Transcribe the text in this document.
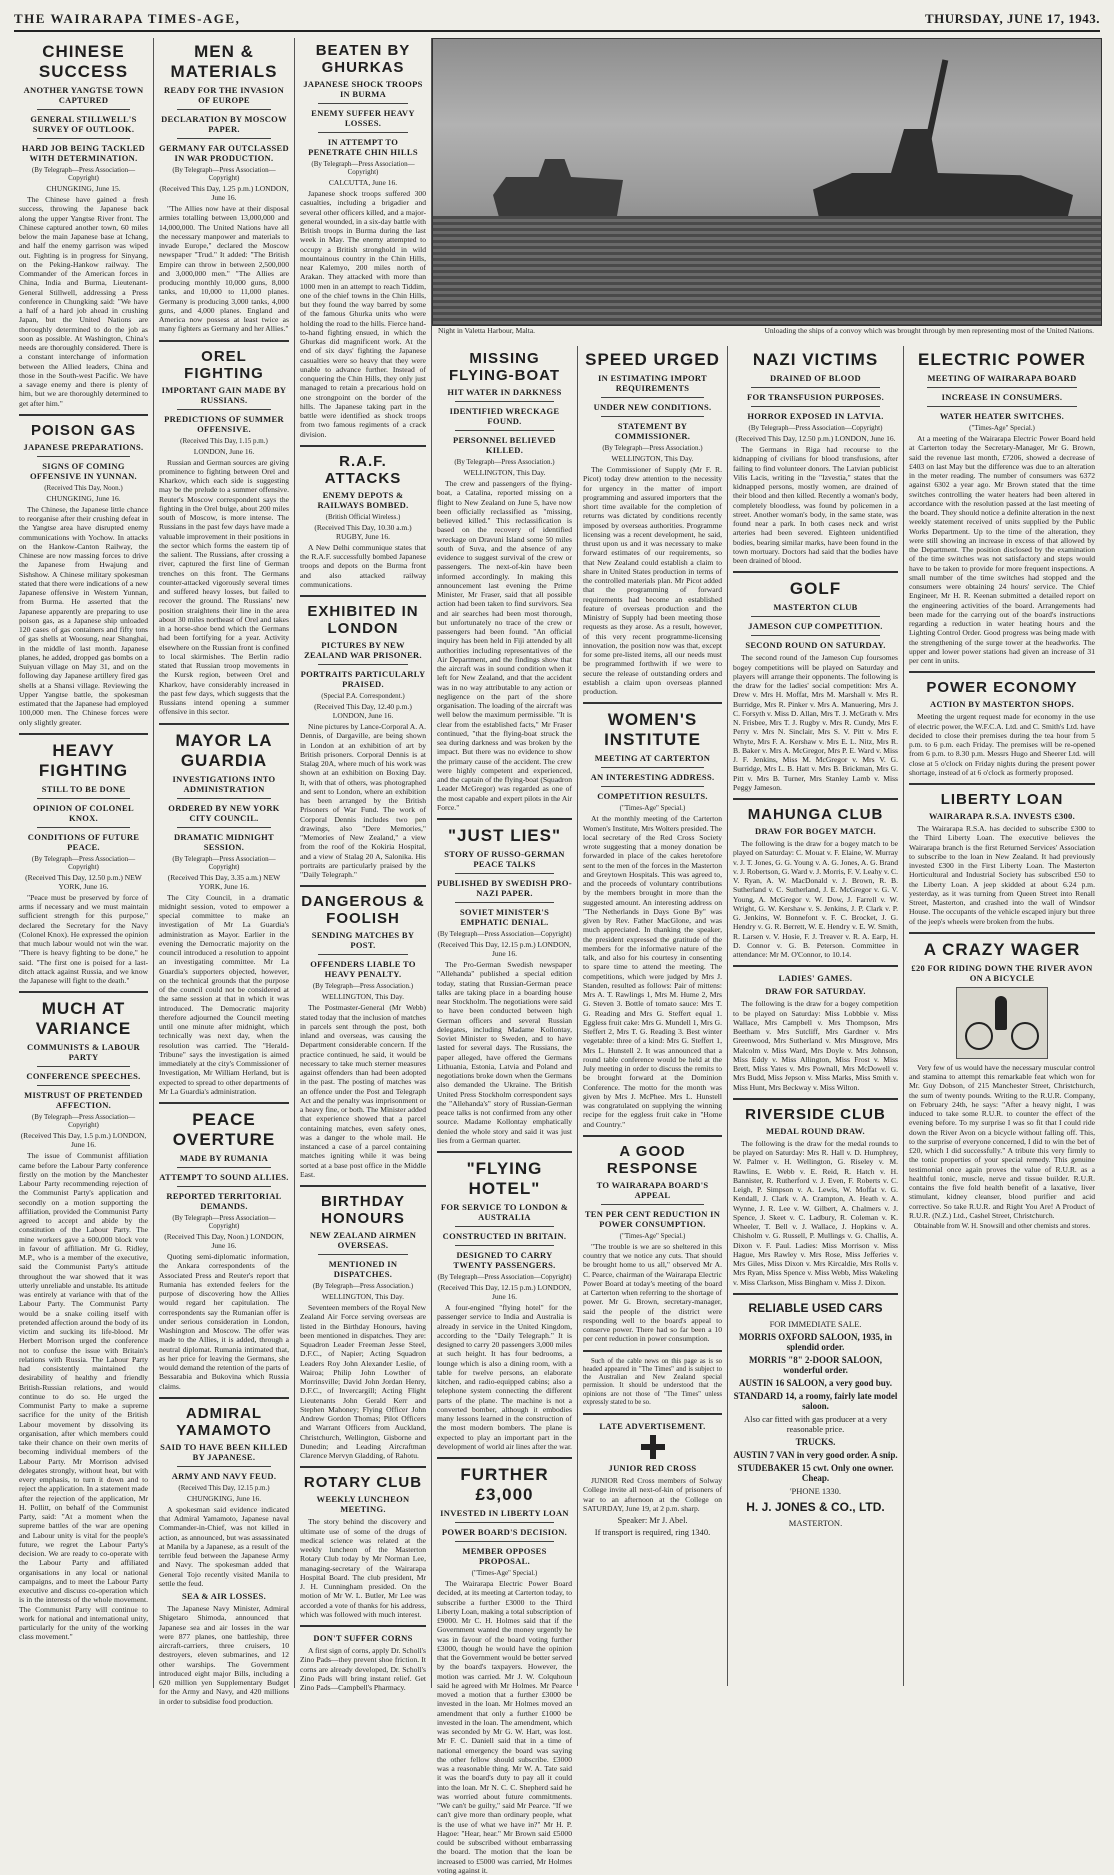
THE WAIRARAPA TIMES-AGE,	THURSDAY, JUNE 17, 1943.
CHINESE SUCCESS
ANOTHER YANGTSE TOWN CAPTURED
GENERAL STILLWELL'S SURVEY OF OUTLOOK.
HARD JOB BEING TACKLED WITH DETERMINATION.
(By Telegraph—Press Association—Copyright)
CHUNGKING, June 15.

The Chinese have gained a fresh success, throwing the Japanese back along the upper Yangtse River front. The Chinese captured another town, 60 miles below the main Japanese base at Ichang, and half the enemy garrison was wiped out. Fighting is in progress for Sinyang, on the Peking-Hankow railway. The Commander of the American forces in China, India and Burma, Lieutenant-General Stillwell, addressing a Press conference in Chungking said: "We have a half of a hard job ahead in crushing Japan, but the United Nations are thoroughly determined to do the job as soon as possible. At Washington, China's needs are thoroughly considered. There is a constant interchange of information between the Allied leaders, China and those in the South-west Pacific. We have a savage enemy and there is plenty of him, but we are thoroughly determined to get after him."

POISON GAS
JAPANESE PREPARATIONS.
SIGNS OF COMING OFFENSIVE IN YUNNAN.
(Received This Day, Noon.)
CHUNGKING, June 16.

The Chinese, the Japanese little chance to reorganise after their crushing defeat in the Yangtse area have disrupted enemy communications with Yochow. In attacks on the Hankow-Canton Railway, the Chinese are now massing forces to drive the Japanese from Hwajung and Sishshow. A Chinese military spokesman stated that there were indications of a new Japanese offensive in Western Yunnan, from Burma. He asserted that the Japanese apparently are preparing to use poison gas, as a Japanese ship unloaded 120 cases of gas containers and fifty tons of gas shells at Woosung, near Shanghai, in the middle of last month. Japanese planes, he added, dropped gas bombs on a Suiyuan village on May 31, and on the following day Japanese artillery fired gas shells at a Shansi village. Reviewing the Upper Yangtse battle, the spokesman estimated that the Japanese had employed 100,000 men. The Chinese forces were only slightly greater.

HEAVY FIGHTING
STILL TO BE DONE
OPINION OF COLONEL KNOX.
CONDITIONS OF FUTURE PEACE.
(By Telegraph—Press Association—Copyright)
(Received This Day, 12.50 p.m.) NEW YORK, June 16.

"Peace must be preserved by force of arms if necessary and we must maintain sufficient strength for this purpose," declared the Secretary for the Navy (Colonel Knox). He expressed the opinion that much labour would not win the war. "There is heavy fighting to be done," he said. "The first one is poised for a last-ditch attack against Russia, and we know the Japanese will fight to the death."

MUCH AT VARIANCE
COMMUNISTS & LABOUR PARTY
CONFERENCE SPEECHES.
MISTRUST OF PRETENDED AFFECTION.
(By Telegraph—Press Association—Copyright)
(Received This Day, 1.5 p.m.) LONDON, June 16.

The issue of Communist affiliation came before the Labour Party conference firstly on the motion by the Manchester Labour Party recommending rejection of the Communist Party's application and secondly on a motion supporting the affiliation, provided the Communist Party agreed to accept and abide by the constitution of the Labour Party. The mine workers gave a 600,000 block vote in favour of affiliation. Mr G. Ridley, M.P., who is a member of the executive, said the Communist Party's attitude throughout the war showed that it was utterly unreliable and unstable. Its attitude was entirely at variance with that of the Labour Party. The Communist Party would be a snake coiling itself with pretended affection around the body of its victim and sucking its life-blood. Mr Herbert Morrison urged the conference not to confuse the issue with Britain's relations with Russia. The Labour Party had consistently maintained the desirability of healthy and friendly British-Russian relations, and would continue to do so. He urged the Communist Party to make a supreme sacrifice for the unity of the British Labour movement by dissolving its organisation, after which members could take their chance on their own merits of becoming individual members of the Labour Party. Mr Morrison advised delegates strongly, without heat, but with every emphasis, to turn it down and to reject the application. In a statement made after the rejection of the application, Mr H. Pollitt, on behalf of the Communist Party, said: "At a moment when the supreme battles of the war are opening and Labour unity is vital for the people's future, we regret the Labour Party's decision. We are ready to co-operate with the Labour Party and affiliated organisations in any local or national campaigns, and to meet the Labour Party executive and discuss co-operation which is in the interests of the whole movement. The Communist Party will continue to work for national and international unity, particularly for the unity of the working class movement."

MEN & MATERIALS
READY FOR THE INVASION OF EUROPE
DECLARATION BY MOSCOW PAPER.
GERMANY FAR OUTCLASSED IN WAR PRODUCTION.
(By Telegraph—Press Association—Copyright)
(Received This Day, 1.25 p.m.) LONDON, June 16.

"The Allies now have at their disposal armies totalling between 13,000,000 and 14,000,000. The United Nations have all the necessary manpower and materials to invade Europe," declared the Moscow newspaper "Trud." It added: "The British Empire can throw in between 2,500,000 and 3,000,000 men." "The Allies are producing monthly 10,000 guns, 8,000 tanks, and 10,000 to 11,000 planes. Germany is producing 3,000 tanks, 4,000 guns, and 4,000 planes. England and America now possess at least twice as many fighters as Germany and her Allies."

OREL FIGHTING
IMPORTANT GAIN MADE BY RUSSIANS.
PREDICTIONS OF SUMMER OFFENSIVE.
(Received This Day, 1.15 p.m.)
LONDON, June 16.

Russian and German sources are giving prominence to fighting between Orel and Kharkov, which each side is suggesting may be the prelude to a summer offensive. Reuter's Moscow correspondent says the fighting in the Orel bulge, about 200 miles south of Moscow, is more intense. The Russians in the past few days have made a valuable improvement in their positions in the sector which forms the eastern tip of the salient. The Russians, after crossing a river, captured the first line of German trenches on this front. The Germans counter-attacked vigorously several times and suffered heavy losses, but failed to recover the ground. The Russians' new position straightens their line in the area about 30 miles northeast of Orel and takes in a horse-shoe bend which the Germans had been fortifying for a year. Activity elsewhere on the Russian front is confined to local skirmishes. The Berlin radio stated that Russian troop movements in the Kursk region, between Orel and Kharkov, have considerably increased in the past few days, which suggests that the Russians intend opening a summer offensive in this sector.

MAYOR LA GUARDIA
INVESTIGATIONS INTO ADMINISTRATION
ORDERED BY NEW YORK CITY COUNCIL.
DRAMATIC MIDNIGHT SESSION.
(By Telegraph—Press Association—Copyright)
(Received This Day, 3.35 a.m.) NEW YORK, June 16.

The City Council, in a dramatic midnight session, voted to empower a special committee to make an investigation of Mr La Guardia's administration as Mayor. Earlier in the evening the Democratic majority on the council introduced a resolution to appoint an investigating committee. Mr La Guardia's supporters objected, however, on the technical grounds that the purpose of the council could not be considered at the same session at that in which it was introduced. The Democratic majority therefore adjourned the Council meeting until one minute after midnight, which technically was next day, when the resolution was carried. The "Herald-Tribune" says the investigation is aimed immediately at the city's Commissioner of Investigation, Mr William Herland, but is expected to spread to other departments of Mr La Guardia's administration.

PEACE OVERTURE
MADE BY RUMANIA
ATTEMPT TO SOUND ALLIES.
REPORTED TERRITORIAL DEMANDS.
(By Telegraph—Press Association—Copyright)
(Received This Day, Noon.) LONDON, June 16.

Quoting semi-diplomatic information, the Ankara correspondents of the Associated Press and Reuter's report that Rumania has extended feelers for the purpose of discovering how the Allies would regard her capitulation. The correspondents say the Rumanian offer is under serious consideration in London, Washington and Moscow. The offer was made to the Allies, it is added, through a neutral diplomat. Rumania intimated that, as her price for leaving the Germans, she would demand the retention of the parts of Bessarabia and Bukovina which Russia claims.

ADMIRAL YAMAMOTO
SAID TO HAVE BEEN KILLED BY JAPANESE.
ARMY AND NAVY FEUD.
(Received This Day, 12.15 p.m.)
CHUNGKING, June 16.

A spokesman said evidence indicated that Admiral Yamamoto, Japanese naval Commander-in-Chief, was not killed in action, as announced, but was assassinated at Manila by a Japanese, as a result of the terrible feud between the Japanese Army and Navy. The spokesman added that General Tojo recently visited Manila to settle the feud.

SEA & AIR LOSSES.

The Japanese Navy Minister, Admiral Shigetaro Shimoda, announced that Japanese sea and air losses in the war were 877 planes, one battleship, three aircraft-carriers, three cruisers, 10 destroyers, eleven submarines, and 12 other warships. The Government introduced eight major Bills, including a 620 million yen Supplementary Budget for the Army and Navy, and 420 millions in order to subsidise food production.

BEATEN BY GHURKAS
JAPANESE SHOCK TROOPS IN BURMA
ENEMY SUFFER HEAVY LOSSES.
IN ATTEMPT TO PENETRATE CHIN HILLS
(By Telegraph—Press Association—Copyright)
CALCUTTA, June 16.

Japanese shock troops suffered 300 casualties, including a brigadier and several other officers killed, and a major-general wounded, in a six-day battle with British troops in Burma during the last week in May. The enemy attempted to occupy a British stronghold in wild mountainous country in the Chin Hills, near Kalemyo, 200 miles north of Arakan. They attacked with more than 1000 men in an attempt to reach Tiddim, one of the chief towns in the Chin Hills, but they found the way barred by some of the famous Ghurka units who were holding the road to the hills. Fierce hand-to-hand fighting ensued, in which the Ghurkas did magnificent work. At the end of six days' fighting the Japanese casualties were so heavy that they were unable to advance further. Instead of conquering the Chin Hills, they only just managed to retain a precarious hold on one strongpoint on the border of the hills. The Japanese taking part in the battle were identified as shock troops from two famous regiments of a crack division.

R.A.F. ATTACKS
ENEMY DEPOTS & RAILWAYS BOMBED.
(British Official Wireless.)
(Received This Day, 10.30 a.m.) RUGBY, June 16.

A New Delhi communique states that the R.A.F. successfully bombed Japanese troops and depots on the Burma front and also attacked railway communications.

EXHIBITED IN LONDON
PICTURES BY NEW ZEALAND WAR PRISONER.
PORTRAITS PARTICULARLY PRAISED.
(Special P.A. Correspondent.)
(Received This Day, 12.40 p.m.) LONDON, June 16.

Nine pictures by Lance-Corporal A. A. Dennis, of Dargaville, are being shown in London at an exhibition of art by British prisoners. Corporal Dennis is at Stalag 20A, where much of his work was shown at an exhibition on Boxing Day. It, with that of others, was photographed and sent to London, where an exhibition has been arranged by the British Prisoners of War Fund. The work of Corporal Dennis includes two pen drawings, also "Dere Memories," "Memories of New Zealand," a view from the roof of the Kokiria Hospital, and a view of Stalag 20 A, Salonika. His portraits are particularly praised by the "Daily Telegraph."

DANGEROUS & FOOLISH
SENDING MATCHES BY POST.
OFFENDERS LIABLE TO HEAVY PENALTY.
(By Telegraph—Press Association.)
WELLINGTON, This Day.

The Postmaster-General (Mr Webb) stated today that the inclusion of matches in parcels sent through the post, both inland and overseas, was causing the Department considerable concern. If the practice continued, he said, it would be necessary to take much sterner measures against offenders than had been adopted in the past. The posting of matches was an offence under the Post and Telegraph Act and the penalty was imprisonment or a heavy fine, or both. The Minister added that experience showed that a parcel containing matches, even safety ones, was a danger to the whole mail. He instanced a case of a parcel containing matches igniting while it was being sorted at a base post office in the Middle East.

BIRTHDAY HONOURS
NEW ZEALAND AIRMEN OVERSEAS.
MENTIONED IN DISPATCHES.
(By Telegraph—Press Association.)
WELLINGTON, This Day.

Seventeen members of the Royal New Zealand Air Force serving overseas are listed in the Birthday Honours, having been mentioned in dispatches. They are: Squadron Leader Freeman Jesse Steel, D.F.C., of Napier; Acting Squadron Leaders Roy John Alexander Leslie, of Wairoa; Philip John Lowther of Morrinsville; David John Jordan Henry, D.F.C., of Invercargill; Acting Flight Lieutenants John Gerald Kerr and Stephen Mahoney; Flying Officer John Andrew Gordon Thomas; Pilot Officers and Warrant Officers from Auckland, Christchurch, Wellington, Gisborne and Dunedin; and Leading Aircraftman Clarence Mervyn Gladding, of Rahotu.

ROTARY CLUB
WEEKLY LUNCHEON MEETING.

The story behind the discovery and ultimate use of some of the drugs of medical science was related at the weekly luncheon of the Masterton Rotary Club today by Mr Norman Lee, managing-secretary of the Wairarapa Hospital Board. The club president, Mr J. H. Cunningham presided. On the motion of Mr W. L. Butler, Mr Lee was accorded a vote of thanks for his address, which was followed with much interest.

DON'T SUFFER CORNS

A first sign of corns, apply Dr. Scholl's Zino Pads—they prevent shoe friction. It corns are already developed, Dr. Scholl's Zino Pads will bring instant relief. Get Zino Pads—Campbell's Pharmacy.

Night in Valetta Harbour, Malta.	Unloading the ships of a convoy which was brought through by men representing most of the United Nations.
MISSING FLYING-BOAT
HIT WATER IN DARKNESS
IDENTIFIED WRECKAGE FOUND.
PERSONNEL BELIEVED KILLED.
(By Telegraph—Press Association.)
WELLINGTON, This Day.

The crew and passengers of the flying-boat, a Catalina, reported missing on a flight to New Zealand on June 5, have now been officially reclassified as "missing, believed killed." This reclassification is based on the recovery of identified wreckage on Dravuni Island some 50 miles south of Suva, and the absence of any evidence to suggest survival of the crew or passengers. The next-of-kin have been informed accordingly. In making this announcement last evening the Prime Minister, Mr Fraser, said that all possible action had been taken to find survivors. Sea and air searches had been most thorough, but unfortunately no trace of the crew or passengers had been found. "An official inquiry has been held in Fiji attended by all authorities including representatives of the Air Department, and the findings show that the aircraft was in sound condition when it left for New Zealand, and that the accident was in no way attributable to any action or negligence on the part of the shore organisation. The loading of the aircraft was well below the maximum permissible. "It is clear from the established facts," Mr Fraser continued, "that the flying-boat struck the sea during darkness and was broken by the impact. But there was no evidence to show the primary cause of the accident. The crew were highly competent and experienced, and the captain of the flying-boat (Squadron Leader McGregor) was regarded as one of the most capable and expert pilots in the Air Force."

"JUST LIES"
STORY OF RUSSO-GERMAN PEACE TALKS
PUBLISHED BY SWEDISH PRO-NAZI PAPER.
SOVIET MINISTER'S EMPHATIC DENIAL.
(By Telegraph—Press Association—Copyright)
(Received This Day, 12.15 p.m.) LONDON, June 16.

The Pro-German Swedish newspaper "Allehanda" published a special edition today, stating that Russian-German peace talks are taking place in a boarding house near Stockholm. The negotiations were said to have been conducted between high German officers and several Russian delegates, including Madame Kollontay, Soviet Minister to Sweden, and to have lasted for several days. The Russians, the paper alleged, have offered the Germans Lithuania, Estonia, Latvia and Poland and negotiations broke down when the Germans also demanded the Ukraine. The British United Press Stockholm correspondent says the "Allehanda's" story of Russian-German peace talks is not confirmed from any other source. Madame Kollontay emphatically denied the whole story and said it was just lies from a German quarter.

"FLYING HOTEL"
FOR SERVICE TO LONDON & AUSTRALIA
CONSTRUCTED IN BRITAIN.
DESIGNED TO CARRY TWENTY PASSENGERS.
(By Telegraph—Press Association—Copyright)
(Received This Day, 12.15 p.m.) LONDON, June 16.

A four-engined "flying hotel" for the passenger service to India and Australia is already in service in the United Kingdom, according to the "Daily Telegraph." It is designed to carry 20 passengers 3,000 miles at such height. It has four bedrooms, a lounge which is also a dining room, with a table for twelve persons, an elaborate kitchen, and radio-equipped cabins; also a telephone system connecting the different parts of the plane. The machine is not a converted bomber, although it embodies many lessons learned in the construction of the most modern bombers. The plane is expected to play an important part in the development of world air lines after the war.

FURTHER £3,000
INVESTED IN LIBERTY LOAN
POWER BOARD'S DECISION.
MEMBER OPPOSES PROPOSAL.
("Times-Age" Special.)

The Wairarapa Electric Power Board decided, at its meeting at Carterton today, to subscribe a further £3000 to the Third Liberty Loan, making a total subscription of £9000. Mr C. H. Holmes said that if the Government wanted the money urgently he was in favour of the board voting further £3000, though he would have the opinion that the Government would be better served by the board's taxpayers. However, the motion was carried. Mr J. W. Colquhoun said he agreed with Mr Holmes. Mr Pearce moved a motion that a further £3000 be invested in the loan. Mr Holmes moved an amendment that only a further £1000 be invested in the loan. The amendment, which was seconded by Mr G. W. Hart, was lost. Mr F. C. Daniell said that in a time of national emergency the board was saying the other fellow should subscribe. £3000 was a reasonable thing. Mr W. A. Tate said it was the board's duty to pay all it could into the loan. Mr N. C. C. Shepherd said he was worried about future commitments. "We can't be guilty," said Mr Pearce. "If we can't give more than ordinary people, what is the use of what we have in?" Mr H. P. Hagoe: "Hear, hear." Mr Brown said £5000 could be subscribed without embarrassing the board. The motion that the loan be increased to £5000 was carried, Mr Holmes voting against it.

SPEED URGED
IN ESTIMATING IMPORT REQUIREMENTS
UNDER NEW CONDITIONS.
STATEMENT BY COMMISSIONER.
(By Telegraph—Press Association.)
WELLINGTON, This Day.

The Commissioner of Supply (Mr F. R. Picot) today drew attention to the necessity for urgency in the matter of import programming and assured importers that the short time available for the completion of returns was dictated by conditions recently imposed by overseas authorities. Programme licensing was a recent development, he said, thrust upon us and it was necessary to make forward estimates of our requirements, so that New Zealand could establish a claim to share in United States production in terms of the controlled materials plan. Mr Picot added that the programming of forward requirements had become an established feature of overseas production and the Ministry of Supply had been meeting those requests as they arose. As a result, however, of this very recent programme-licensing innovation, the position now was that, except for some pre-listed items, all our needs must be programmed forthwith if we were to secure the release of outstanding orders and establish a claim upon overseas planned production.

WOMEN'S INSTITUTE
MEETING AT CARTERTON
AN INTERESTING ADDRESS.
COMPETITION RESULTS.
("Times-Age" Special.)

At the monthly meeting of the Carterton Women's Institute, Mrs Wolters presided. The local secretary of the Red Cross Society wrote suggesting that a money donation be forwarded in place of the cakes heretofore sent to the men of the forces in the Masterton and Greytown Hospitals. This was agreed to, and the proceeds of voluntary contributions by the members brought in more than the suggested amount. An interesting address on "The Netherlands in Days Gone By" was given by Rev. Father MacGlone, and was much appreciated. In thanking the speaker, the president expressed the gratitude of the members for the informative nature of the talk, and also for his courtesy in consenting to spare time to attend the meeting. The competitions, which were judged by Mrs J. Standen, resulted as follows: Pair of mittens: Mrs A. T. Rawlings 1, Mrs M. Hume 2, Mrs G. Steven 3. Bottle of tomato sauce: Mrs T. G. Reading and Mrs G. Steffert equal 1. Eggless fruit cake: Mrs G. Mundell 1, Mrs G. Steffert 2, Mrs T. G. Reading 3. Best winter vegetable: three of a kind: Mrs G. Steffert 1, Mrs L. Hunstell 2. It was announced that a round table conference would be held at the July meeting in order to discuss the remits to be brought forward at the Dominion Conference. The motto for the month was given by Mrs J. McPhee. Mrs L. Hunstell was congratulated on supplying the winning recipe for the eggless fruit cake in "Home and Country."

A GOOD RESPONSE
TO WAIRARAPA BOARD'S APPEAL
TEN PER CENT REDUCTION IN POWER CONSUMPTION.
("Times-Age" Special.)

"The trouble is we are so sheltered in this country that we notice any cuts. That should be brought home to us all," observed Mr A. C. Pearce, chairman of the Wairarapa Electric Power Board at today's meeting of the board at Carterton when referring to the shortage of power. Mr G. Brown, secretary-manager, said the people of the district were responding well to the board's appeal to conserve power. There had so far been a 10 per cent reduction in power consumption.

Such of the cable news on this page as is so headed appeared in "The Times" and is subject to the Australian and New Zealand special permission. It should be understood that the opinions are not those of "The Times" unless expressly stated to be so.

LATE ADVERTISEMENT.
JUNIOR RED CROSS

JUNIOR Red Cross members of Solway College invite all next-of-kin of prisoners of war to an afternoon at the College on SATURDAY, June 19, at 2 p.m. sharp.

Speaker: Mr J. Abel.
If transport is required, ring 1340.
NAZI VICTIMS
DRAINED OF BLOOD
FOR TRANSFUSION PURPOSES.
HORROR EXPOSED IN LATVIA.
(By Telegraph—Press Association—Copyright)
(Received This Day, 12.50 p.m.) LONDON, June 16.

The Germans in Riga had recourse to the kidnapping of civilians for blood transfusions, after failing to find volunteer donors. The Latvian publicist Vilis Lacis, writing in the "Izvestia," states that the kidnapped persons, mostly women, are drained of their blood and then killed. Recently a woman's body, completely bloodless, was found by policemen in a street. Another woman's body, in the same state, was found near a park. In both cases neck and wrist arteries had been severed. Eighteen unidentified bodies, bearing similar marks, have been found in the town mortuary. Doctors had said that the bodies have been drained of blood.

GOLF
MASTERTON CLUB
JAMESON CUP COMPETITION.
SECOND ROUND ON SATURDAY.

The second round of the Jameson Cup foursomes bogey competitions will be played on Saturday and players will arrange their opponents. The following is the draw for the ladies' social competition: Mrs A. Drew v. Mrs H. Moffat, Mrs M. Marshall v. Mrs R. Burridge, Mrs R. Pinker v. Mrs A. Manuering, Mrs J. C. Forsyth v. Miss D. Allan, Mrs T. J. McGrath v. Mrs N. Frisbee, Mrs T. J. Rugby v. Mrs R. Cundy, Mrs F. Perry v. Mrs N. Sinclair, Mrs S. V. Pitt v. Mrs F. Whyte, Mrs F. A. Kershaw v. Mrs E. L. Nitz, Mrs R. B. Baker v. Mrs A. McGregor, Mrs P. E. Ward v. Miss J. F. Jenkins, Miss M. McGregor v. Mrs V. G. Burridge, Mrs L. B. Hatt v. Mrs B. Brickman, Mrs G. Pitt v. Mrs B. Turner, Mrs Stanley Lamb v. Miss Peggy Jameson.

MAHUNGA CLUB
DRAW FOR BOGEY MATCH.

The following is the draw for a bogey match to be played on Saturday: C. Mouat v. F. Elaine, W. Murray v. J. T. Jones, G. G. Young v. A. G. Jones, A. G. Brand v. J. Robertson, G. Ward v. J. Morris, F. V. Leahy v. C. V. Ryan, A. W. MacDonald v. J. Brown, R. B. Sutherland v. C. Sutherland, J. E. McGregor v. G. V. Young, A. McGregor v. W. Dow, J. Farrell v. W. Wright, G. W. Kershaw v. S. Jenkins, J. P. Clark v. P. G. Jenkins, W. Bonnefont v. F. C. Brocket, J. G. Hendry v. G. R. Berrett, W. E. Hendry v. E. W. Smith, R. Larsen v. V. Hosie, F. J. Treaver v. R. A. Earp, H. D. Connor v. G. B. Peterson. Committee in attendance: Mr M. O'Connor, to 10.14.

LADIES' GAMES.
DRAW FOR SATURDAY.

The following is the draw for a bogey competition to be played on Saturday: Miss Lobbbie v. Miss Wallace, Mrs Campbell v. Mrs Thompson, Mrs Beetham v. Mrs Sutcliff, Mrs Gardner v. Mrs Greenwood, Mrs Sutherland v. Mrs Musgrove, Mrs Malcolm v. Miss Ward, Mrs Doyle v. Mrs Johnson, Miss Eddy v. Miss Allington, Miss Frost v. Miss Brett, Miss Yates v. Mrs Pownall, Mrs McDowell v. Mrs Budd, Miss Jepson v. Miss Marks, Miss Smith v. Miss Hunt, Mrs Beckway v. Miss Wilton.

RIVERSIDE CLUB
MEDAL ROUND DRAW.

The following is the draw for the medal rounds to be played on Saturday: Mrs R. Hall v. D. Humphrey, W. Palmer v. H. Wellington, G. Riseley v. M. Rawlins, E. Webb v. E. Reid, R. Hatch v. H. Bannister, R. Rutherford v. J. Even, F. Roberts v. C. Leigh, P. Simpson v. A. Lewis, W. Moffat v. G. Kendall, J. Clark v. A. Crampton, A. Heath v. A. Wynne, J. R. Lee v. W. Gilbert, A. Chalmers v. J. Spence, J. Skeet v. C. Ladbury, R. Coleman v. K. Wheeler, T. Bell v. J. Wallace, J. Hopkins v. A. Chisholm v. G. Russell, P. Mullings v. G. Challis, A. Dixon v. F. Paul. Ladies: Miss Morrison v. Miss Hague, Mrs Rawley v. Mrs Rose, Miss Jefferies v. Mrs Giles, Miss Dixon v. Mrs Kircaldie, Mrs Rolls v. Mrs Ryan, Miss Spence v. Miss Webb, Miss Wakeling v. Miss Clarkson, Miss Bingham v. Miss J. Dixon.

RELIABLE USED CARS
FOR IMMEDIATE SALE.
MORRIS OXFORD SALOON, 1935, in splendid order.
MORRIS "8" 2-DOOR SALOON, wonderful order.
AUSTIN 16 SALOON, a very good buy.
STANDARD 14, a roomy, fairly late model saloon.
Also car fitted with gas producer at a very reasonable price.
TRUCKS.
AUSTIN 7 VAN in very good order. A snip.
STUDEBAKER 15 cwt. Only one owner. Cheap.
'PHONE 1330.
H. J. JONES & CO., LTD.
MASTERTON.
ELECTRIC POWER
MEETING OF WAIRARAPA BOARD
INCREASE IN CONSUMERS.
WATER HEATER SWITCHES.
("Times-Age" Special.)

At a meeting of the Wairarapa Electric Power Board held at Carterton today the Secretary-Manager, Mr G. Brown, said the revenue last month, £7206, showed a decrease of £403 on last May but the difference was due to an alteration in the meter reading. The number of consumers was 6372 against 6302 a year ago. Mr Brown stated that the time switches controlling the water heaters had been altered in accordance with the resolution passed at the last meeting of the board. They should notice a definite alteration in the next weekly statement received of units supplied by the Public Works Department. Up to the time of the alteration, they were still showing an increase in excess of that allowed by the Department. The position disclosed by the examination of the time switches was not satisfactory and steps would have to be taken to provide for more frequent inspections. A small number of the time switches had stopped and the consumers were obtaining 24 hours' service. The Chief Engineer, Mr H. R. Keenan submitted a detailed report on the engineering activities of the board. Arrangements had been made for the carrying out of the board's instructions regarding a reduction in water heating hours and the Lighting Control Order. Good progress was being made with the strengthening of the surge tower at the headworks. The upper and lower power stations had given an increase of 31 per cent in units.

POWER ECONOMY
ACTION BY MASTERTON SHOPS.

Meeting the urgent request made for economy in the use of electric power, the W.F.C.A. Ltd. and C. Smith's Ltd. have decided to close their premises during the tea hour from 5 p.m. to 6 p.m. each Friday. The premises will be re-opened from 6 p.m. to 8.30 p.m. Messrs Hugo and Sheerer Ltd. will close at 5 o'clock on Friday nights during the present power shortage, instead of at 6 o'clock as formerly proposed.

LIBERTY LOAN
WAIRARAPA R.S.A. INVESTS £300.

The Wairarapa R.S.A. has decided to subscribe £300 to the Third Liberty Loan. The executive believes the Wairarapa branch is the first Returned Services' Association to subscribe to the loan in New Zealand. It had previously invested £300 in the First Liberty Loan. The Masterton Horticultural and Industrial Society has subscribed £50 to the Liberty Loan. A jeep skidded at about 6.24 p.m. yesterday, as it was turning from Queen Street into Renall Street, Masterton, and crashed into the wall of Windsor House. The occupants of the vehicle escaped injury but three of the jeep's wheels were broken from the hubs.

A CRAZY WAGER
£20 FOR RIDING DOWN THE RIVER AVON ON A BICYCLE

Very few of us would have the necessary muscular control and stamina to attempt this remarkable feat which won for Mr. Guy Dobson, of 215 Manchester Street, Christchurch, the sum of twenty pounds. Writing to the R.U.R. Company, on February 24th, he says: "After a heavy night, I was induced to take some R.U.R. to counter the effect of the evening before. To my surprise I was so fit that I could ride down the River Avon on a bicycle without falling off. This, to the surprise of everyone concerned, I did to win the bet of £20, which I did successfully." A tribute this very firmly to the tonic properties of your special remedy. This genuine testimonial once again proves the value of R.U.R. as a healthful tonic, muscle, nerve and tissue builder. R.U.R. contains the five fold health benefit of a laxative, liver stimulant, kidney cleanser, blood purifier and acid corrective. So take R.U.R. and Right You Are! A Product of R.U.R. (N.Z.) Ltd., Cashel Street, Christchurch.

Obtainable from W. H. Snowsill and other chemists and stores.
